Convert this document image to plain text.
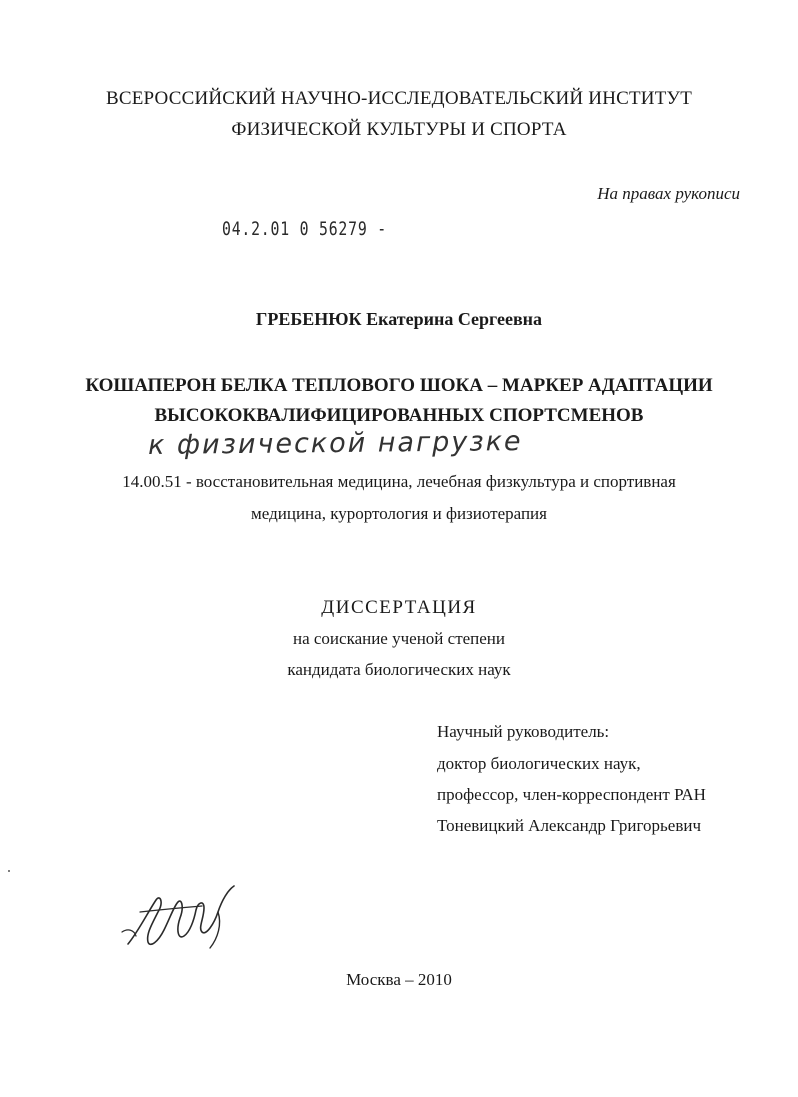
ВСЕРОССИЙСКИЙ НАУЧНО-ИССЛЕДОВАТЕЛЬСКИЙ ИНСТИТУТ

ФИЗИЧЕСКОЙ КУЛЬТУРЫ И СПОРТА

На правах рукописи

04.2.01 0 56279 -

ГРЕБЕНЮК Екатерина Сергеевна

КОШАПЕРОН БЕЛКА ТЕПЛОВОГО ШОКА – МАРКЕР АДАПТАЦИИ

ВЫСОКОКВАЛИФИЦИРОВАННЫХ СПОРТСМЕНОВ

к физической нагрузке

14.00.51 - восстановительная медицина, лечебная физкультура и спортивная

медицина, курортология и физиотерапия

ДИССЕРТАЦИЯ

на соискание ученой степени

кандидата биологических наук

Научный руководитель:

доктор биологических наук,

профессор, член-корреспондент РАН

Тоневицкий Александр Григорьевич

Москва – 2010
